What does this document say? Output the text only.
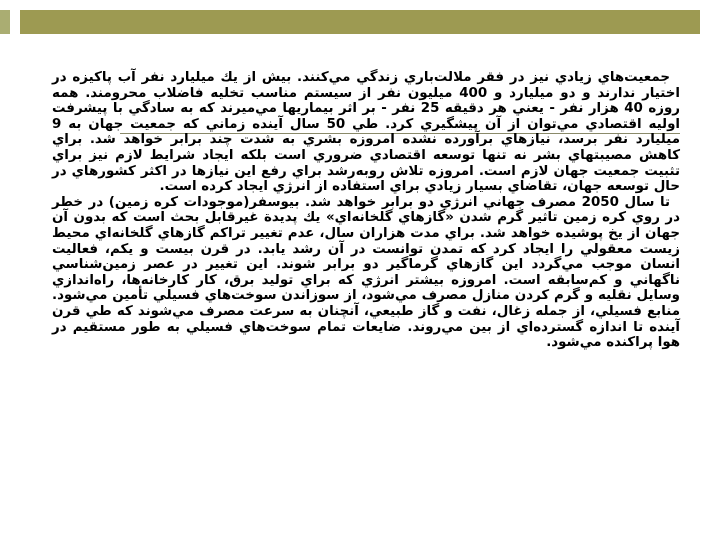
جمعيت‌هاي زيادي نيز در فقر ملالت‌باري زندگي مي‌كنند. بيش از يك ميليارد نفر آب پاكيزه در اختيار ندارند و دو ميليارد و 400 ميليون نفر از سيستم مناسب تخليه فاضلاب محرومند. همه روزه 40 هزار نفر - يعني هر دقيقه 25 نفر - بر اثر بيماريها مي‌ميرند كه به سادگي با پيشرفت اوليه اقتصادي مي‌توان از آن پيشگيري كرد. طي 50 سال آينده زماني كه جمعيت جهان به 9 ميليارد نفر برسد، نيازهاي برآورده نشده امروزه بشري به شدت چند برابر خواهد شد. براي كاهش مصيبتهاي بشر نه تنها توسعه اقتصادي ضروري است بلكه ايجاد شرايط لازم نيز براي تثبيت جمعيت جهان لازم است. امروزه تلاش روبه‌رشد براي رفع اين نيازها در اكثر كشورهاي در حال توسعه جهان، تقاضاي بسيار زيادي براي استفاده از انرژي ايجاد كرده است.

تا سال 2050 مصرف جهاني انرژي دو برابر خواهد شد. بيوسفر(موجودات كره زمين) در خطر در روي كره زمين تاثير گرم شدن «گازهاي گلخانه‌اي» يك پديدة غيرقابل بحث است كه بدون آن جهان از يخ پوشيده خواهد شد. براي مدت هزاران سال، عدم تغيير تراكم گازهاي گلخانه‌اي محيط زيست معقولي را ايجاد كرد كه تمدن توانست در آن رشد يابد. در قرن بيست و يكم، فعاليت انسان موجب مي‌گردد اين گازهاي گرماگير دو برابر شوند. اين تغيير در عصر زمين‌شناسي ناگهاني و كم‌سابقه است. امروزه بيشتر انرژي كه براي توليد برق، كار كارخانه‌ها، راه‌اندازي وسايل نقليه و گرم كردن منازل مصرف مي‌شود، از سوزاندن سوخت‌هاي فسيلي تأمين مي‌شود. منابع فسيلي، از جمله زغال، نفت و گاز طبيعي، آنچنان به سرعت مصرف مي‌شوند كه طي قرن آينده تا اندازه گسترده‌اي از بين مي‌روند. ضايعات تمام سوخت‌هاي فسيلي به طور مستقيم در هوا پراكنده مي‌شود.
